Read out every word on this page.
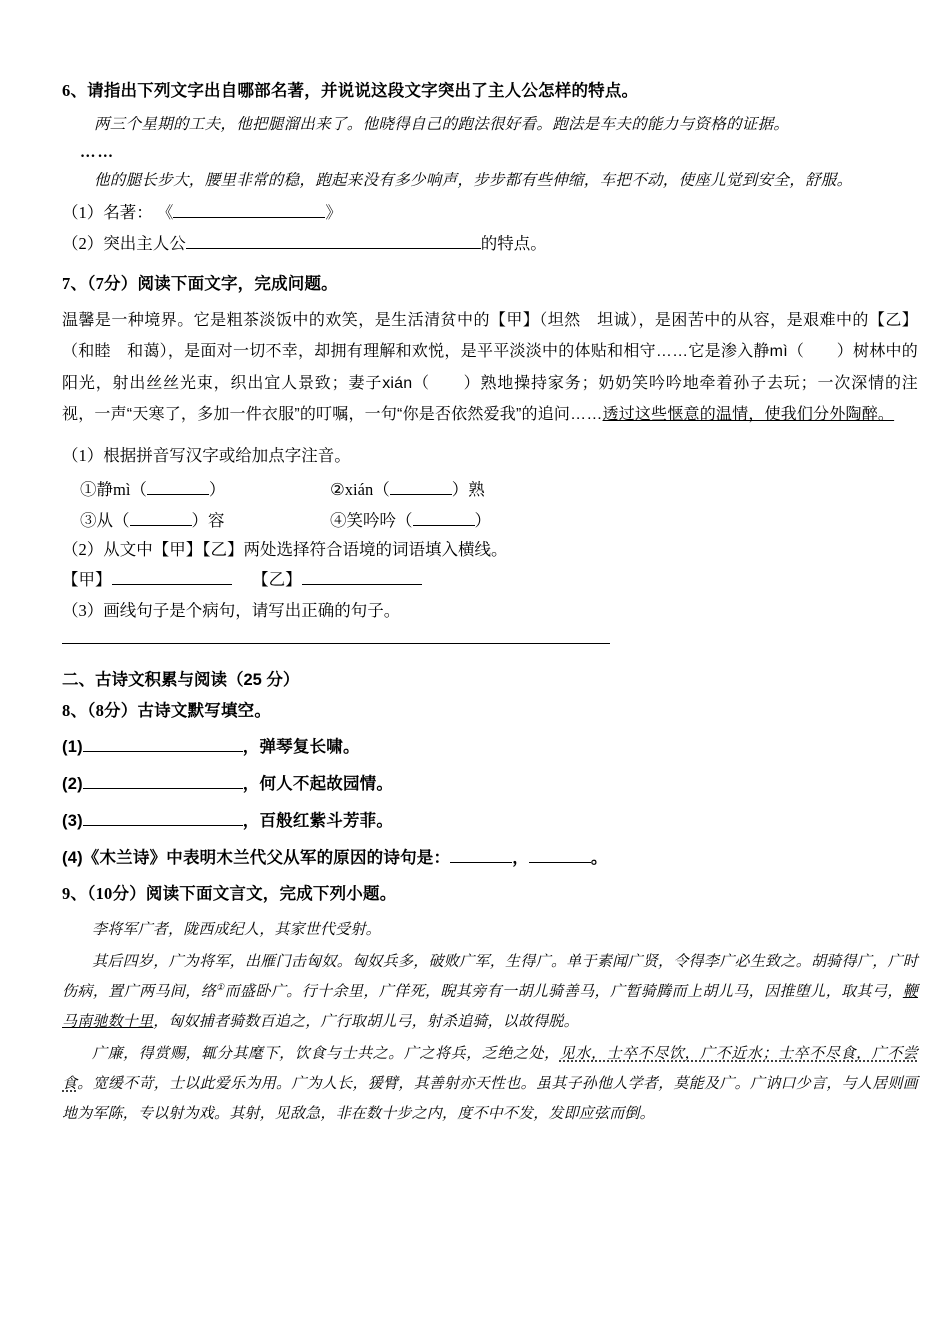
6、请指出下列文字出自哪部名著，并说说这段文字突出了主人公怎样的特点。

两三个星期的工夫，他把腿溜出来了。他晓得自己的跑法很好看。跑法是车夫的能力与资格的证据。

……

他的腿长步大，腰里非常的稳，跑起来没有多少响声，步步都有些伸缩，车把不动，使座儿觉到安全，舒服。

（1）名著： 《	》

（2）突出主人公	的特点。

7、（7分）阅读下面文字，完成问题。

温馨是一种境界。它是粗茶淡饭中的欢笑，是生活清贫中的【甲】（坦然　坦诚），是困苦中的从容，是艰难中的【乙】（和睦　和蔼），是面对一切不幸，却拥有理解和欢悦，是平平淡淡中的体贴和相守……它是渗入静mì（　　）树林中的阳光，射出丝丝光束，织出宜人景致；妻子xián（　　）熟地操持家务；奶奶笑吟吟地牵着孙子去玩；一次深情的注视，一声“天寒了，多加一件衣服”的叮嘱，一句“你是否依然爱我”的追问……透过这些惬意的温情，使我们分外陶醉。

（1）根据拼音写汉字或给加点字注音。

①静mì（	）	②xián（	）熟
③从（	）容	④笑吟吟（	）

（2）从文中【甲】【乙】两处选择符合语境的词语填入横线。

【甲】	【乙】

（3）画线句子是个病句，请写出正确的句子。

二、古诗文积累与阅读（25 分）

8、（8分）古诗文默写填空。

(1)	，弹琴复长啸。

(2)	，何人不起故园情。

(3)	，百般红紫斗芳菲。

(4)《木兰诗》中表明木兰代父从军的原因的诗句是：	，	。

9、（10分）阅读下面文言文，完成下列小题。

李将军广者，陇西成纪人，其家世代受射。

其后四岁，广为将军，出雁门击匈奴。匈奴兵多，破败广军，生得广。单于素闻广贤，令得李广必生致之。胡骑得广，广时伤病，置广两马间，络①而盛卧广。行十余里，广佯死，睨其旁有一胡儿骑善马，广暂骑腾而上胡儿马，因推堕儿，取其弓，鞭马南驰数十里，匈奴捕者骑数百追之，广行取胡儿弓，射杀追骑，以故得脱。

广廉，得赏赐，辄分其麾下，饮食与士共之。广之将兵，乏绝之处，见水，士卒不尽饮，广不近水；士卒不尽食，广不尝食。宽缓不苛，士以此爱乐为用。广为人长，猨臂，其善射亦天性也。虽其子孙他人学者，莫能及广。广讷口少言，与人居则画地为军陈，专以射为戏。其射，见敌急，非在数十步之内，度不中不发，发即应弦而倒。
